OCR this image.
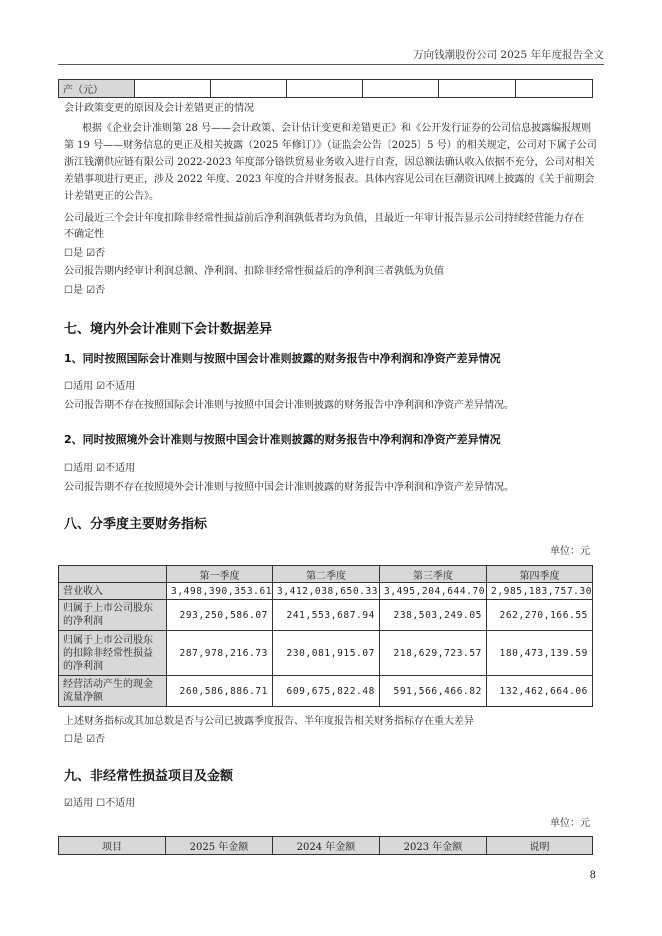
万向钱潮股份公司 2025 年年度报告全文
产（元）						
会计政策变更的原因及会计差错更正的情况
根据《企业会计准则第 28 号——会计政策、会计估计变更和差错更正》和《公开发行证券的公司信息披露编报规则
第 19 号——财务信息的更正及相关披露（2025 年修订）》（证监会公告〔2025〕5 号）的相关规定，公司对下属子公司
浙江钱潮供应链有限公司 2022-2023 年度部分铬铁贸易业务收入进行自查，因总额法确认收入依据不充分，公司对相关
差错事项进行更正，涉及 2022 年度、2023 年度的合并财务报表。具体内容见公司在巨潮资讯网上披露的《关于前期会
计差错更正的公告》。
公司最近三个会计年度扣除非经常性损益前后净利润孰低者均为负值，且最近一年审计报告显示公司持续经营能力存在
不确定性
☐是 ☑否
公司报告期内经审计利润总额、净利润、扣除非经常性损益后的净利润三者孰低为负值
☐是 ☑否
七、境内外会计准则下会计数据差异
1、同时按照国际会计准则与按照中国会计准则披露的财务报告中净利润和净资产差异情况
☐适用 ☑不适用
公司报告期不存在按照国际会计准则与按照中国会计准则披露的财务报告中净利润和净资产差异情况。
2、同时按照境外会计准则与按照中国会计准则披露的财务报告中净利润和净资产差异情况
☐适用 ☑不适用
公司报告期不存在按照境外会计准则与按照中国会计准则披露的财务报告中净利润和净资产差异情况。
八、分季度主要财务指标
单位：元
	第一季度	第二季度	第三季度	第四季度
营业收入	3,498,390,353.61	3,412,038,650.33	3,495,204,644.70	2,985,183,757.30
归属于上市公司股东的净利润	293,250,586.07	241,553,687.94	238,503,249.05	262,270,166.55
归属于上市公司股东的扣除非经常性损益的净利润	287,978,216.73	230,081,915.07	218,629,723.57	180,473,139.59
经营活动产生的现金流量净额	260,586,886.71	609,675,822.48	591,566,466.82	132,462,664.06
上述财务指标或其加总数是否与公司已披露季度报告、半年度报告相关财务指标存在重大差异
☐是 ☑否
九、非经常性损益项目及金额
☑适用 ☐不适用
单位：元
项目	2025 年金额	2024 年金额	2023 年金额	说明
8
